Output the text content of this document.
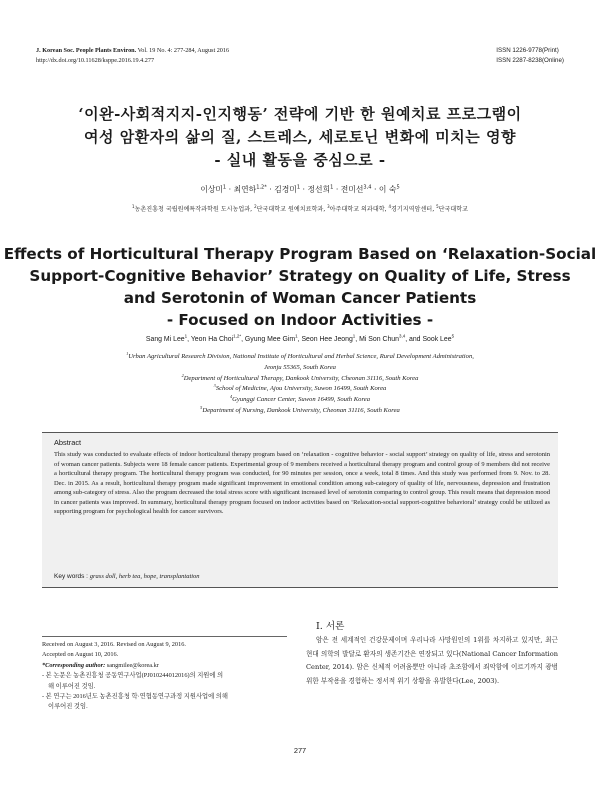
J. Korean Soc. People Plants Environ. Vol. 19 No. 4: 277-284, August 2016
http://dx.doi.org/10.11628/ksppe.2016.19.4.277
ISSN 1226-9778(Print)
ISSN 2287-8238(Online)
‘이완-사회적지지-인지행동’ 전략에 기반 한 원예치료 프로그램이
여성 암환자의 삶의 질, 스트레스, 세로토닌 변화에 미치는 영향
- 실내 활동을 중심으로 -
이상미$^1$ · 최연하$^{1,2*}$ · 김경미$^1$ · 정선희$^1$ · 전미선$^{3,4}$ · 이 숙$^5$
$^1$농촌진흥청 국립원예특작과학원 도시농업과, $^2$단국대학교 원예치료학과, $^3$아주대학교 의과대학, $^4$경기지역암센터, $^5$단국대학교
Effects of Horticultural Therapy Program Based on ‘Relaxation-Social
Support-Cognitive Behavior’ Strategy on Quality of Life, Stress
and Serotonin of Woman Cancer Patients
- Focused on Indoor Activities -
Sang Mi Lee$^1$, Yeon Ha Choi$^{1,2*}$, Gyung Mee Gim$^1$, Seon Hee Jeong$^1$, Mi Son Chun$^{3,4}$, and Sook Lee$^5$
$^1$Urban Agricultural Research Division, National Institute of Horticultural and Herbal Science, Rural Development Administration,
Jeonju 55365, South Korea
$^2$Department of Horticultural Therapy, Dankook University, Cheonan 31116, South Korea
$^3$School of Medicine, Ajou University, Suwon 16499, South Korea
$^4$Gyunggi Cancer Center, Suwon 16499, South Korea
$^5$Department of Nursing, Dankook University, Cheonan 31116, South Korea
Abstract
This study was conducted to evaluate effects of indoor horticultural therapy program based on ‘relaxation - cognitive behavior - social support’ strategy on quality of life, stress and serotonin of woman cancer patients. Subjects were 18 female cancer patients. Experimental group of 9 members received a horticultural therapy program and control group of 9 members did not receive a horticultural therapy program. The horticultural therapy program was conducted, for 90 minutes per session, once a week, total 8 times. And this study was performed from 9. Nov. to 28. Dec. in 2015. As a result, horticultural therapy program made significant improvement in emotional condition among sub-category of quality of life, nervousness, depression and frustration among sub-category of stress. Also the program decreased the total stress score with significant increased level of serotonin comparing to control group. This result means that depression mood in cancer patients was improved. In summary, horticultural therapy program focused on indoor activities based on ‘Relaxation-social support-cognitive behavioral’ strategy could be utilized as supporting program for psychological health for cancer survivors.
Key words : grass doll, herb tea, hope, transplantation
Received on August 3, 2016. Revised on August 9, 2016.
Accepted on August 10, 2016.
*Corresponding author: sangmilee@korea.kr
- 본 논문은 농촌진흥청 공동연구사업(PJ010244012016)의 지원에 의
해 이루어진 것임.
- 본 연구는 2016년도 농촌진흥청 학·연협동연구과정 지원사업에 의해
이루어진 것임.
Ⅰ. 서론
암은 전 세계적인 건강문제이며 우리나라 사망원인의 1위를 차지하고 있지만, 최근 현대 의학의 발달로 환자의 생존기간은 연장되고 있다(National Cancer Information Center, 2014). 암은 신체적 어려움뿐만 아니라 초조함에서 죄악함에 이르기까지 광범위한 부작용을 경험하는 정서적 위기 상황을 유발한다(Lee, 2003).
277
